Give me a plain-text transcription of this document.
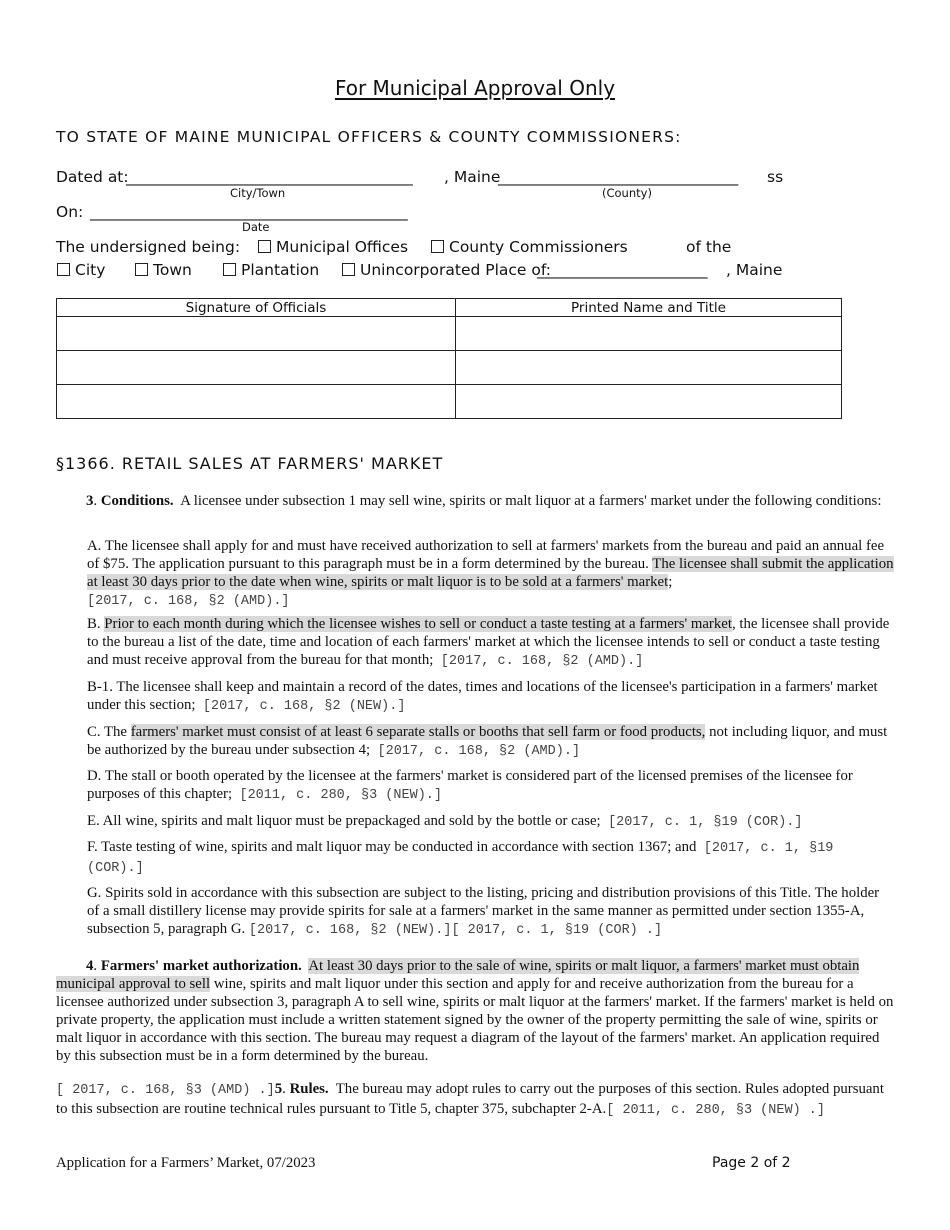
For Municipal Approval Only
TO STATE OF MAINE MUNICIPAL OFFICERS & COUNTY COMMISSIONERS:
Dated at:
_____________________________________ , Maine
_______________________________ ss
City/Town	(County)
On: _________________________________________
Date
The undersigned being:	Municipal Offices	County Commissioners	of the
City	Town	Plantation	Unincorporated Place of:
______________________ , Maine
Signature of Officials	Printed Name and Title

§1366. RETAIL SALES AT FARMERS' MARKET

3. Conditions. A licensee under subsection 1 may sell wine, spirits or malt liquor at a farmers' market under the following conditions:

A. The licensee shall apply for and must have received authorization to sell at farmers' markets from the bureau and paid an annual fee of $75. The application pursuant to this paragraph must be in a form determined by the bureau. The licensee shall submit the application at least 30 days prior to the date when wine, spirits or malt liquor is to be sold at a farmers' market;
[2017, c. 168, §2 (AMD).]

B. Prior to each month during which the licensee wishes to sell or conduct a taste testing at a farmers' market, the licensee shall provide to the bureau a list of the date, time and location of each farmers' market at which the licensee intends to sell or conduct a taste testing and must receive approval from the bureau for that month; [2017, c. 168, §2 (AMD).]

B-1. The licensee shall keep and maintain a record of the dates, times and locations of the licensee's participation in a farmers' market under this section; [2017, c. 168, §2 (NEW).]

C. The farmers' market must consist of at least 6 separate stalls or booths that sell farm or food products, not including liquor, and must be authorized by the bureau under subsection 4; [2017, c. 168, §2 (AMD).]

D. The stall or booth operated by the licensee at the farmers' market is considered part of the licensed premises of the licensee for purposes of this chapter; [2011, c. 280, §3 (NEW).]

E. All wine, spirits and malt liquor must be prepackaged and sold by the bottle or case; [2017, c. 1, §19 (COR).]

F. Taste testing of wine, spirits and malt liquor may be conducted in accordance with section 1367; and [2017, c. 1, §19 (COR).]

G. Spirits sold in accordance with this subsection are subject to the listing, pricing and distribution provisions of this Title. The holder of a small distillery license may provide spirits for sale at a farmers' market in the same manner as permitted under section 1355-A, subsection 5, paragraph G. [2017, c. 168, §2 (NEW).][ 2017, c. 1, §19 (COR) .]

4. Farmers' market authorization. At least 30 days prior to the sale of wine, spirits or malt liquor, a farmers' market must obtain municipal approval to sell wine, spirits and malt liquor under this section and apply for and receive authorization from the bureau for a licensee authorized under subsection 3, paragraph A to sell wine, spirits or malt liquor at the farmers' market. If the farmers' market is held on private property, the application must include a written statement signed by the owner of the property permitting the sale of wine, spirits or malt liquor in accordance with this section. The bureau may request a diagram of the layout of the farmers' market. An application required by this subsection must be in a form determined by the bureau.

[ 2017, c. 168, §3 (AMD) .]5. Rules. The bureau may adopt rules to carry out the purposes of this section. Rules adopted pursuant to this subsection are routine technical rules pursuant to Title 5, chapter 375, subchapter 2-A.[ 2011, c. 280, §3 (NEW) .]

Application for a Farmers’ Market, 07/2023	Page 2 of 2
